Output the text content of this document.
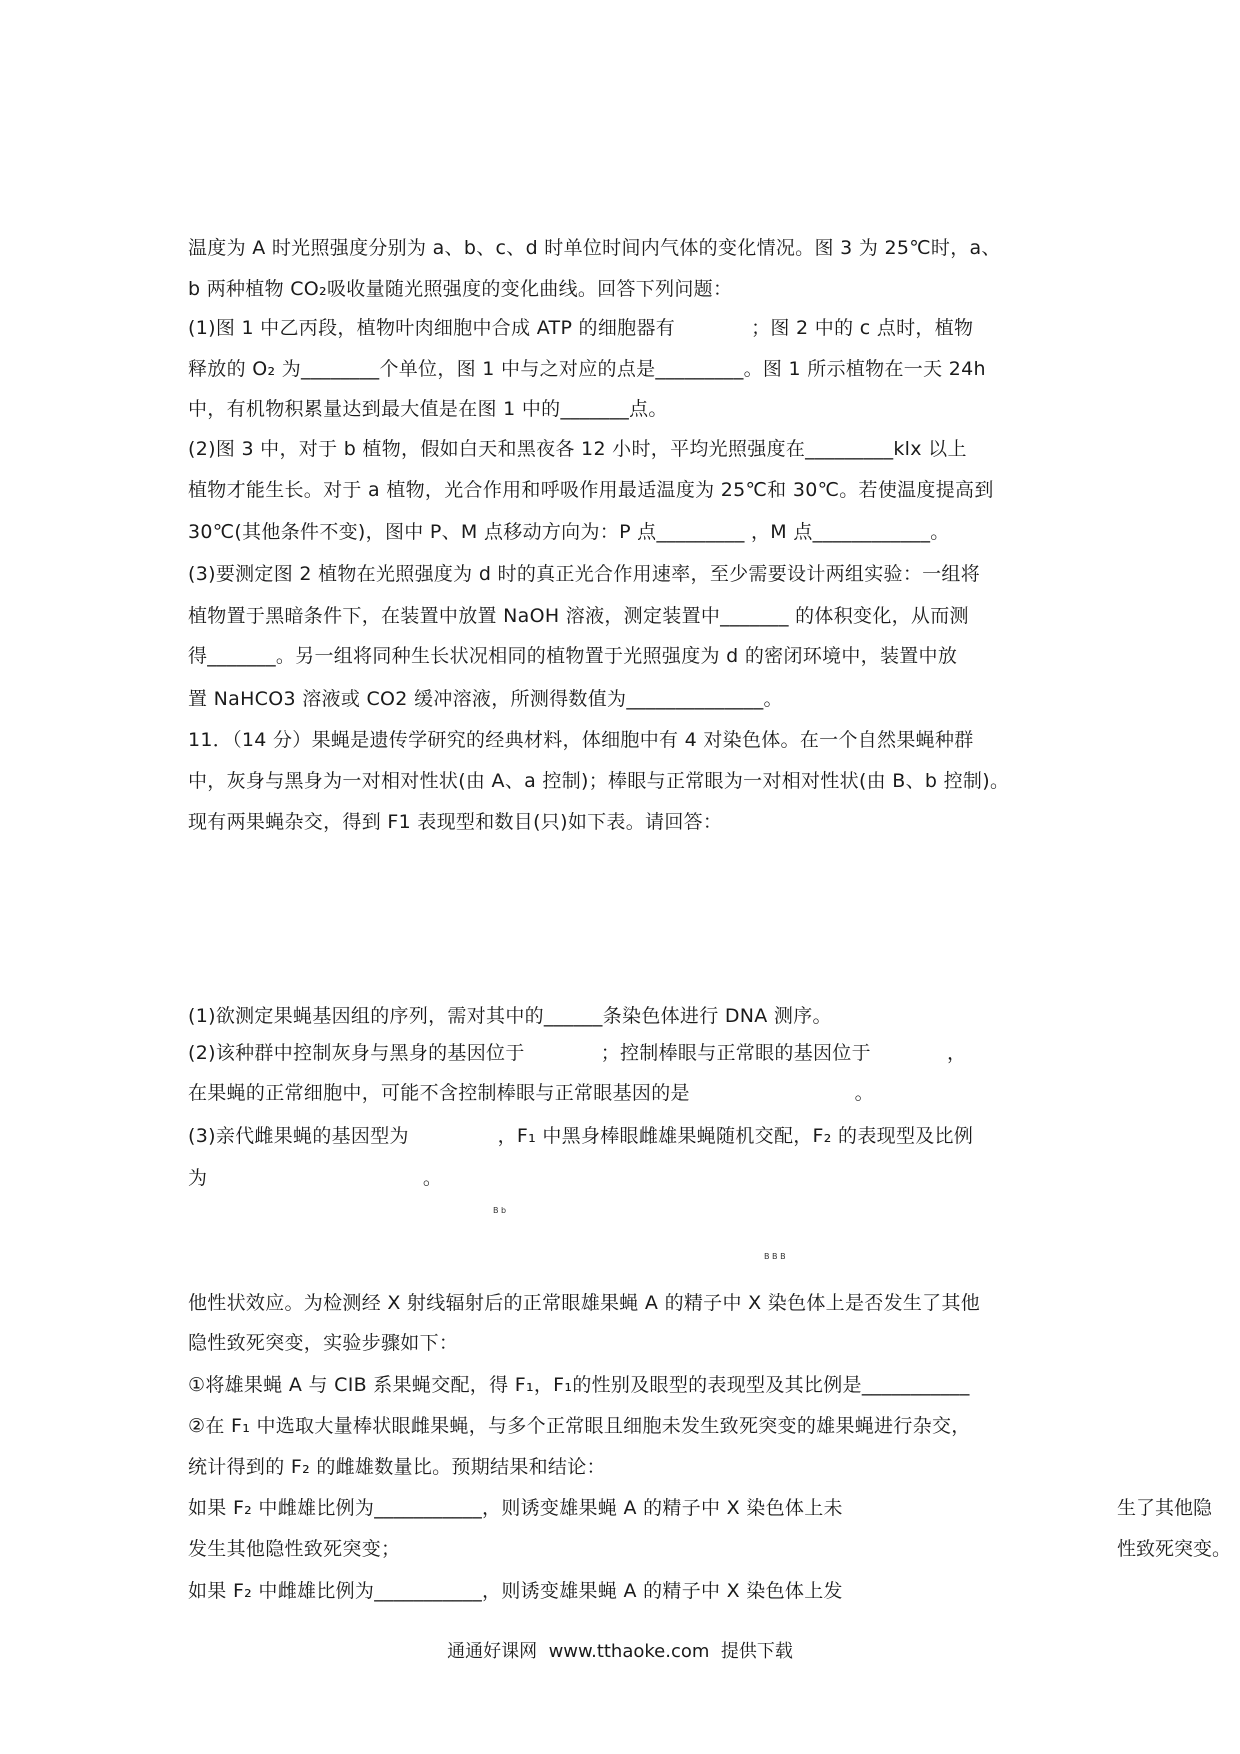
温度为 A 时光照强度分别为 a、b、c、d 时单位时间内气体的变化情况。图 3 为 25℃时，a、
b 两种植物 CO₂吸收量随光照强度的变化曲线。回答下列问题：
(1)图 1 中乙丙段，植物叶肉细胞中合成 ATP 的细胞器有            ；图 2 中的 c 点时，植物
释放的 O₂ 为________个单位，图 1 中与之对应的点是_________。图 1 所示植物在一天 24h
中，有机物积累量达到最大值是在图 1 中的_______点。
(2)图 3 中，对于 b 植物，假如白天和黑夜各 12 小时，平均光照强度在_________klx 以上
植物才能生长。对于 a 植物，光合作用和呼吸作用最适温度为 25℃和 30℃。若使温度提高到
30℃(其他条件不变)，图中 P、M 点移动方向为：P 点_________ ，M 点____________。
(3)要测定图 2 植物在光照强度为 d 时的真正光合作用速率，至少需要设计两组实验：一组将
植物置于黑暗条件下，在装置中放置 NaOH 溶液，测定装置中_______ 的体积变化，从而测
得_______。另一组将同种生长状况相同的植物置于光照强度为 d 的密闭环境中，装置中放
置 NaHCO3 溶液或 CO2 缓冲溶液，所测得数值为______________。
11．（14 分）果蝇是遗传学研究的经典材料，体细胞中有 4 对染色体。在一个自然果蝇种群
中，灰身与黑身为一对相对性状(由 A、a 控制)；棒眼与正常眼为一对相对性状(由 B、b 控制)。
现有两果蝇杂交，得到 F1 表现型和数目(只)如下表。请回答：
(1)欲测定果蝇基因组的序列，需对其中的______条染色体进行 DNA 测序。
(2)该种群中控制灰身与黑身的基因位于            ；控制棒眼与正常眼的基因位于            ，
在果蝇的正常细胞中，可能不含控制棒眼与正常眼基因的是                          。
(3)亲代雌果蝇的基因型为              ，F₁ 中黑身棒眼雌雄果蝇随机交配，F₂ 的表现型及比例
为                                  。
B b
B B B
他性状效应。为检测经 X 射线辐射后的正常眼雄果蝇 A 的精子中 X 染色体上是否发生了其他
隐性致死突变，实验步骤如下：
①将雄果蝇 A 与 CIB 系果蝇交配，得 F₁，F₁的性别及眼型的表现型及其比例是___________
②在 F₁ 中选取大量棒状眼雌果蝇，与多个正常眼且细胞未发生致死突变的雄果蝇进行杂交，
统计得到的 F₂ 的雌雄数量比。预期结果和结论：
如果 F₂ 中雌雄比例为___________，则诱变雄果蝇 A 的精子中 X 染色体上未
发生其他隐性致死突变；
如果 F₂ 中雌雄比例为___________，则诱变雄果蝇 A 的精子中 X 染色体上发
生了其他隐
性致死突变。
通通好课网  www.tthaoke.com  提供下载
